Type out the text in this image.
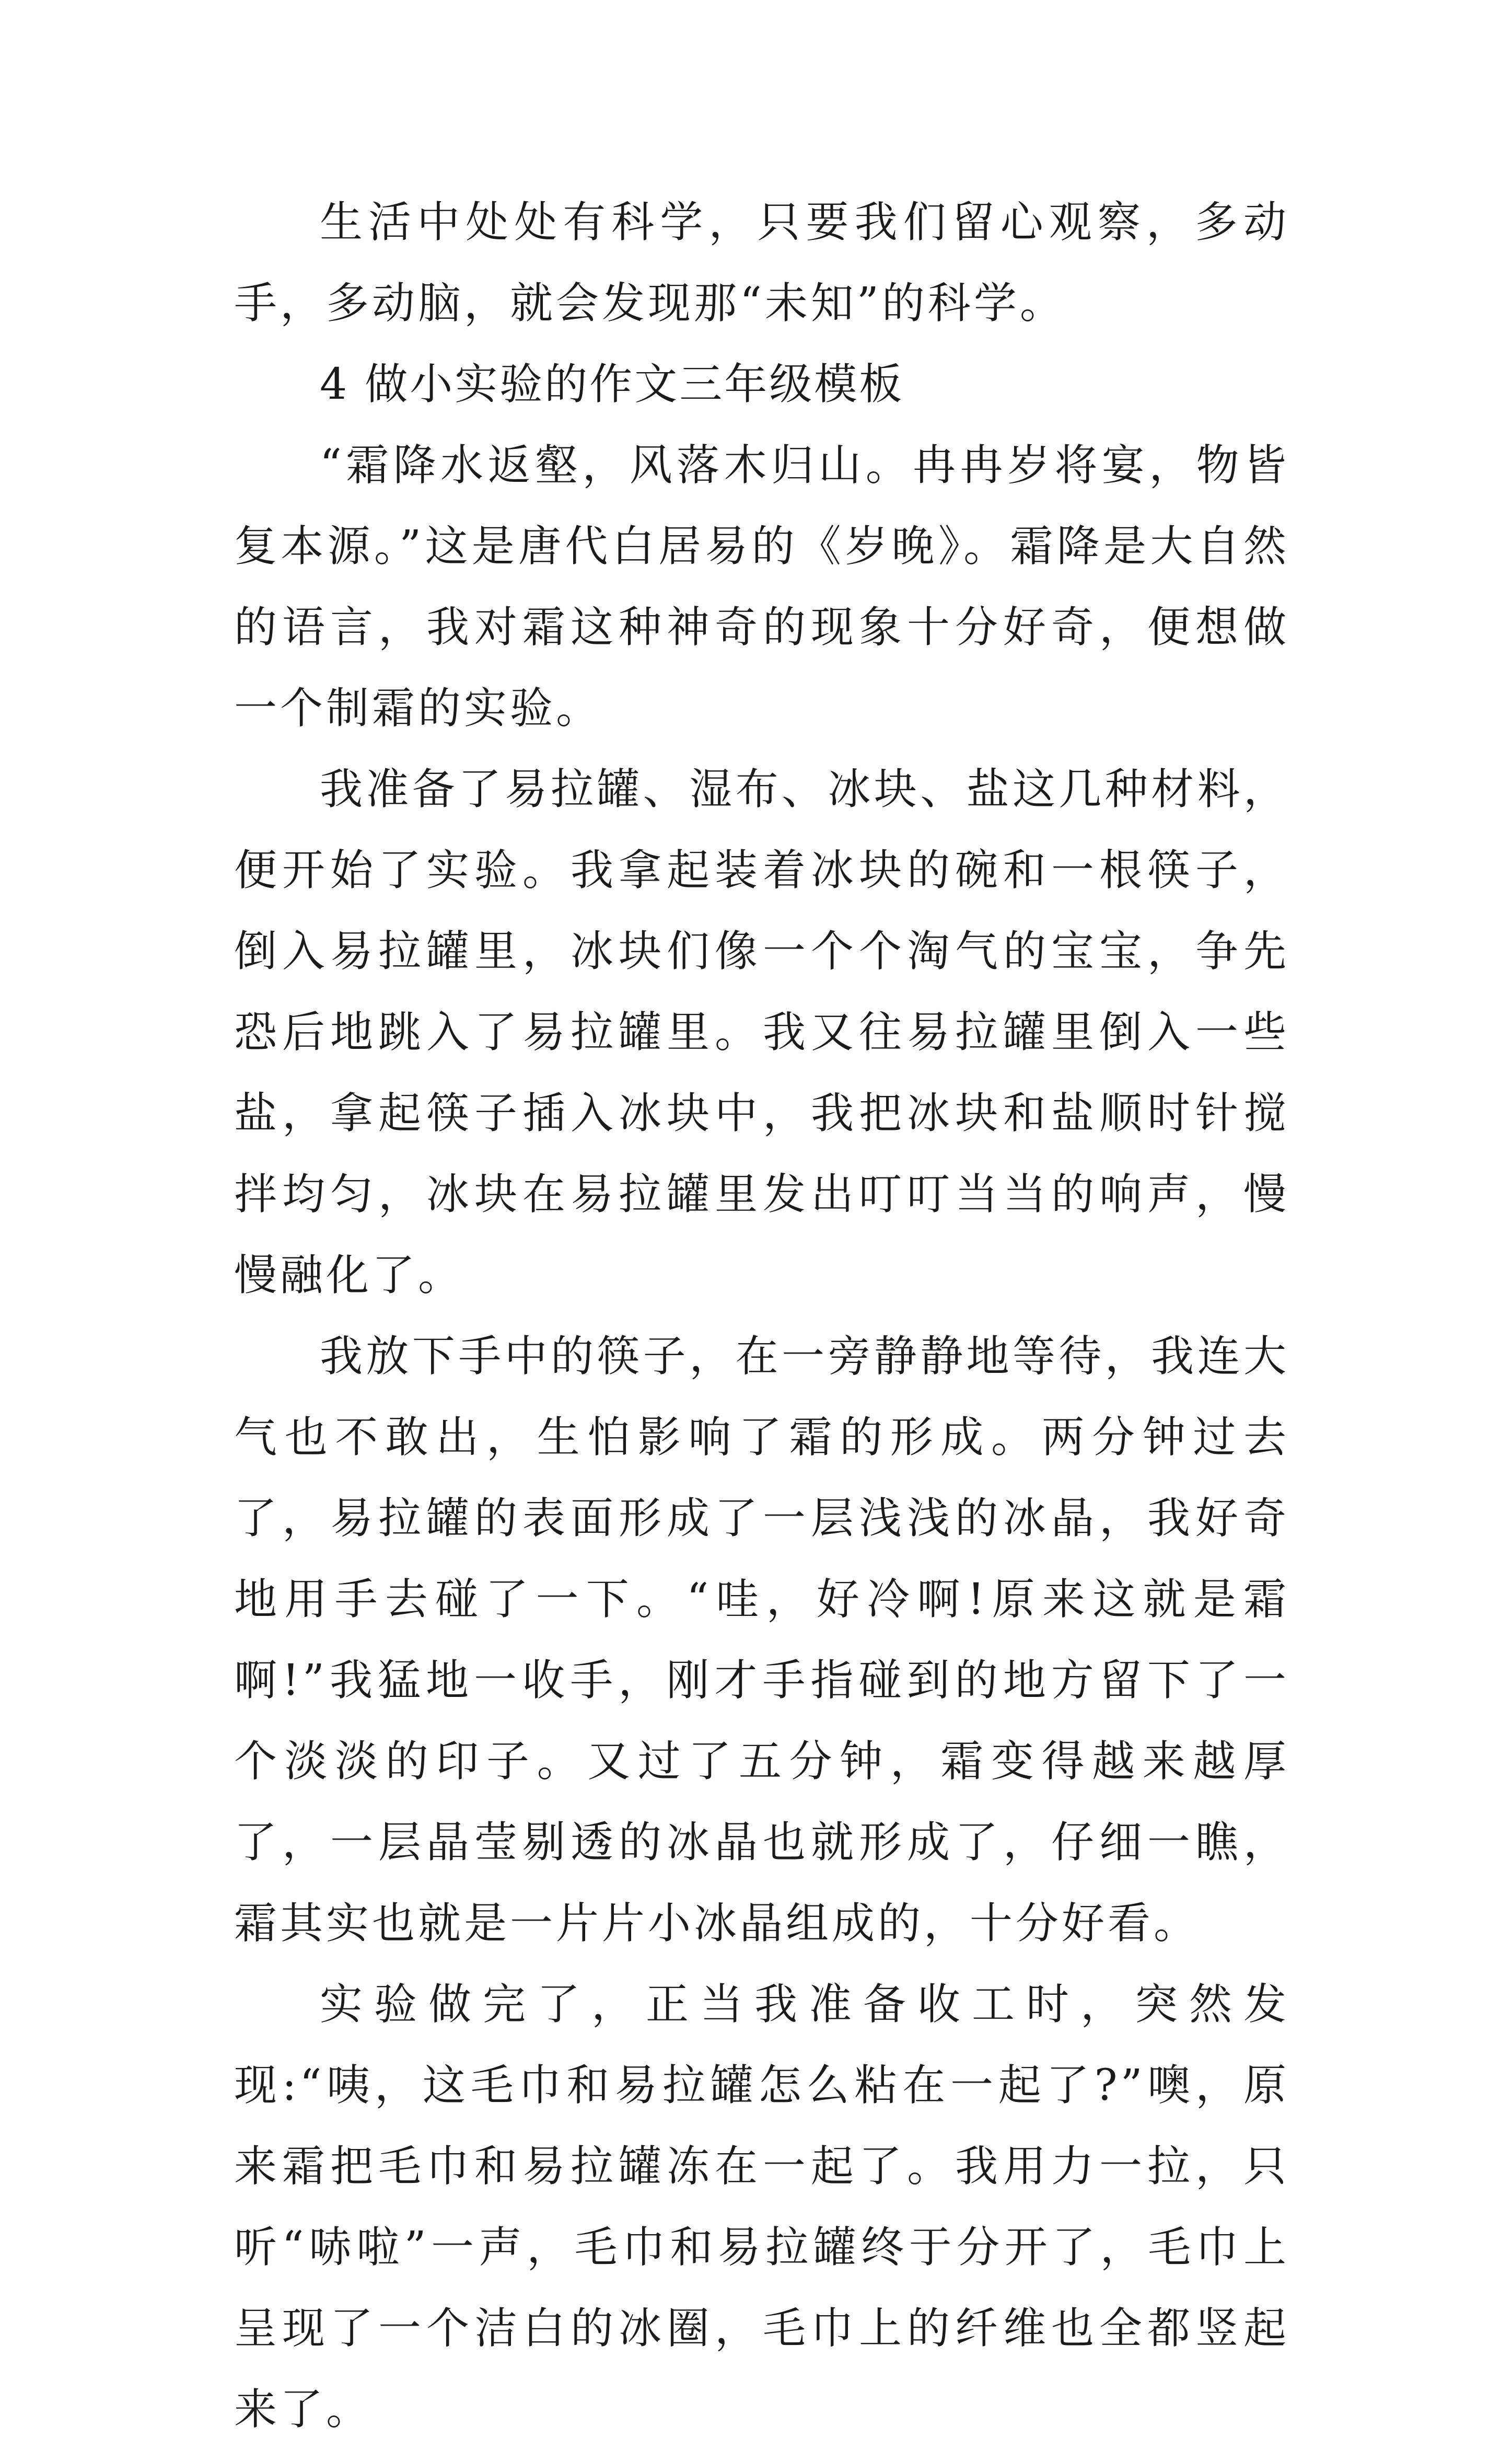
生活中处处有科学，只要我们留心观察，多动手，多动脑，就会发现那“未知”的科学。

4 做小实验的作文三年级模板

“霜降水返壑，风落木归山。冉冉岁将宴，物皆复本源。”这是唐代白居易的《岁晚》。霜降是大自然的语言，我对霜这种神奇的现象十分好奇，便想做一个制霜的实验。

我准备了易拉罐、湿布、冰块、盐这几种材料，便开始了实验。我拿起装着冰块的碗和一根筷子，倒入易拉罐里，冰块们像一个个淘气的宝宝，争先恐后地跳入了易拉罐里。我又往易拉罐里倒入一些盐，拿起筷子插入冰块中，我把冰块和盐顺时针搅拌均匀，冰块在易拉罐里发出叮叮当当的响声，慢慢融化了。

我放下手中的筷子，在一旁静静地等待，我连大气也不敢出，生怕影响了霜的形成。两分钟过去了，易拉罐的表面形成了一层浅浅的冰晶，我好奇地用手去碰了一下。“哇，好冷啊!原来这就是霜啊!”我猛地一收手，刚才手指碰到的地方留下了一个淡淡的印子。又过了五分钟，霜变得越来越厚了，一层晶莹剔透的冰晶也就形成了，仔细一瞧，霜其实也就是一片片小冰晶组成的，十分好看。

实验做完了，正当我准备收工时，突然发现:“咦，这毛巾和易拉罐怎么粘在一起了?”噢，原来霜把毛巾和易拉罐冻在一起了。我用力一拉，只听“哧啦”一声，毛巾和易拉罐终于分开了，毛巾上呈现了一个洁白的冰圈，毛巾上的纤维也全都竖起来了。
